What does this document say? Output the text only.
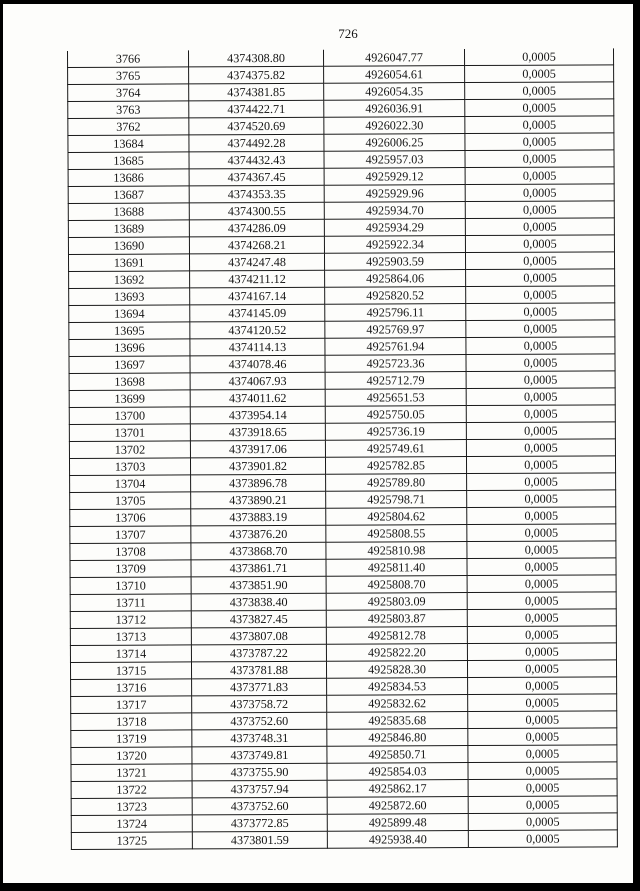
726
3766	4374308.80	4926047.77	0,0005
3765	4374375.82	4926054.61	0,0005
3764	4374381.85	4926054.35	0,0005
3763	4374422.71	4926036.91	0,0005
3762	4374520.69	4926022.30	0,0005
13684	4374492.28	4926006.25	0,0005
13685	4374432.43	4925957.03	0,0005
13686	4374367.45	4925929.12	0,0005
13687	4374353.35	4925929.96	0,0005
13688	4374300.55	4925934.70	0,0005
13689	4374286.09	4925934.29	0,0005
13690	4374268.21	4925922.34	0,0005
13691	4374247.48	4925903.59	0,0005
13692	4374211.12	4925864.06	0,0005
13693	4374167.14	4925820.52	0,0005
13694	4374145.09	4925796.11	0,0005
13695	4374120.52	4925769.97	0,0005
13696	4374114.13	4925761.94	0,0005
13697	4374078.46	4925723.36	0,0005
13698	4374067.93	4925712.79	0,0005
13699	4374011.62	4925651.53	0,0005
13700	4373954.14	4925750.05	0,0005
13701	4373918.65	4925736.19	0,0005
13702	4373917.06	4925749.61	0,0005
13703	4373901.82	4925782.85	0,0005
13704	4373896.78	4925789.80	0,0005
13705	4373890.21	4925798.71	0,0005
13706	4373883.19	4925804.62	0,0005
13707	4373876.20	4925808.55	0,0005
13708	4373868.70	4925810.98	0,0005
13709	4373861.71	4925811.40	0,0005
13710	4373851.90	4925808.70	0,0005
13711	4373838.40	4925803.09	0,0005
13712	4373827.45	4925803.87	0,0005
13713	4373807.08	4925812.78	0,0005
13714	4373787.22	4925822.20	0,0005
13715	4373781.88	4925828.30	0,0005
13716	4373771.83	4925834.53	0,0005
13717	4373758.72	4925832.62	0,0005
13718	4373752.60	4925835.68	0,0005
13719	4373748.31	4925846.80	0,0005
13720	4373749.81	4925850.71	0,0005
13721	4373755.90	4925854.03	0,0005
13722	4373757.94	4925862.17	0,0005
13723	4373752.60	4925872.60	0,0005
13724	4373772.85	4925899.48	0,0005
13725	4373801.59	4925938.40	0,0005
